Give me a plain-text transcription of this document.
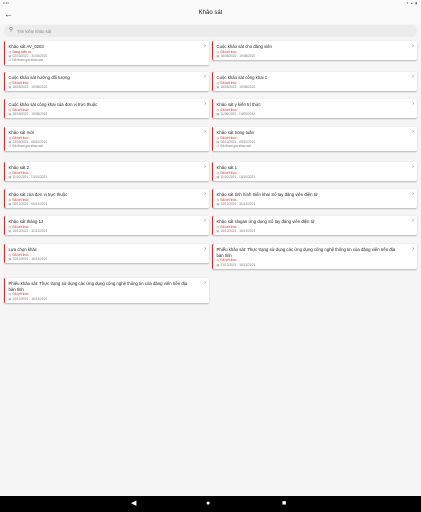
2:14	▾ ▴ ▮
←	Khảo sát
⚲
Tìm kiếm khảo sát
Khảo sát AV_0203
◎Đang diễn ra
▤02/03/2022 - 31/03/2022
☑Đã tham gia khảo sát
›
Cuộc khảo sát hướng đối tượng
◎Đã kết thúc
▤18/05/2022 - 19/05/2022
›
Cuộc khảo sát công khai của đơn vị trực thuộc
◎Đã kết thúc
▤18/05/2022 - 19/05/2022
›
Khảo sát mới
◎Đã kết thúc
▤23/09/2021 - 08/10/2021
☑Đã tham gia khảo sát
›
Khảo sát 2
◎Đã kết thúc
▤11/10/2021 - 13/10/2021
›
Khảo sát của đơn vị trực thuộc
◎Đã kết thúc
▤05/12/2021 - 05/12/2021
›
Khảo sát tháng 12
◎Đã kết thúc
▤16/12/2021 - 31/12/2021
›
Lựa chọn khác
◎Đã kết thúc
▤20/12/2021 - 16/12/2021
›
Phiếu khảo sát: Thực trạng sử dụng các ứng dụng công nghệ thông tin của đảng viên trên địa bàn tỉnh
◎Đã kết thúc
▤20/12/2021 - 16/12/2021
›
Cuộc khảo sát cho đảng viên
◎Đã kết thúc
▤18/05/2022 - 19/05/2022
›
Cuộc khảo sát công khai 1
◎Đã kết thúc
▤18/05/2022 - 19/05/2022
›
Khảo sát y kiến trí thức
◎Đã kết thúc
▤11/05/2022 - 10/05/2022
›
Khảo sát trong tuần
◎Đã kết thúc
▤06/10/2021 - 09/10/2021
☑Đã tham gia khảo sát
›
Khảo sát 1
◎Đã kết thúc
▤11/10/2021 - 15/10/2021
›
Khảo sát tính hình triển khai Sổ tay đảng viên điện tử
◎Đã kết thúc
▤16/12/2021 - 31/12/2021
›
Khảo sát slogan ứng dụng Sổ tay đảng viên điện tử
◎Đã kết thúc
▤16/12/2021 - 16/12/2021
›
Phiếu khảo sát: Thực trạng sử dụng các ứng dụng công nghệ thông tin của đảng viên trên địa bàn tỉnh
◎Đã kết thúc
▤21/12/2021 - 16/12/2021
›
◀	●	■
